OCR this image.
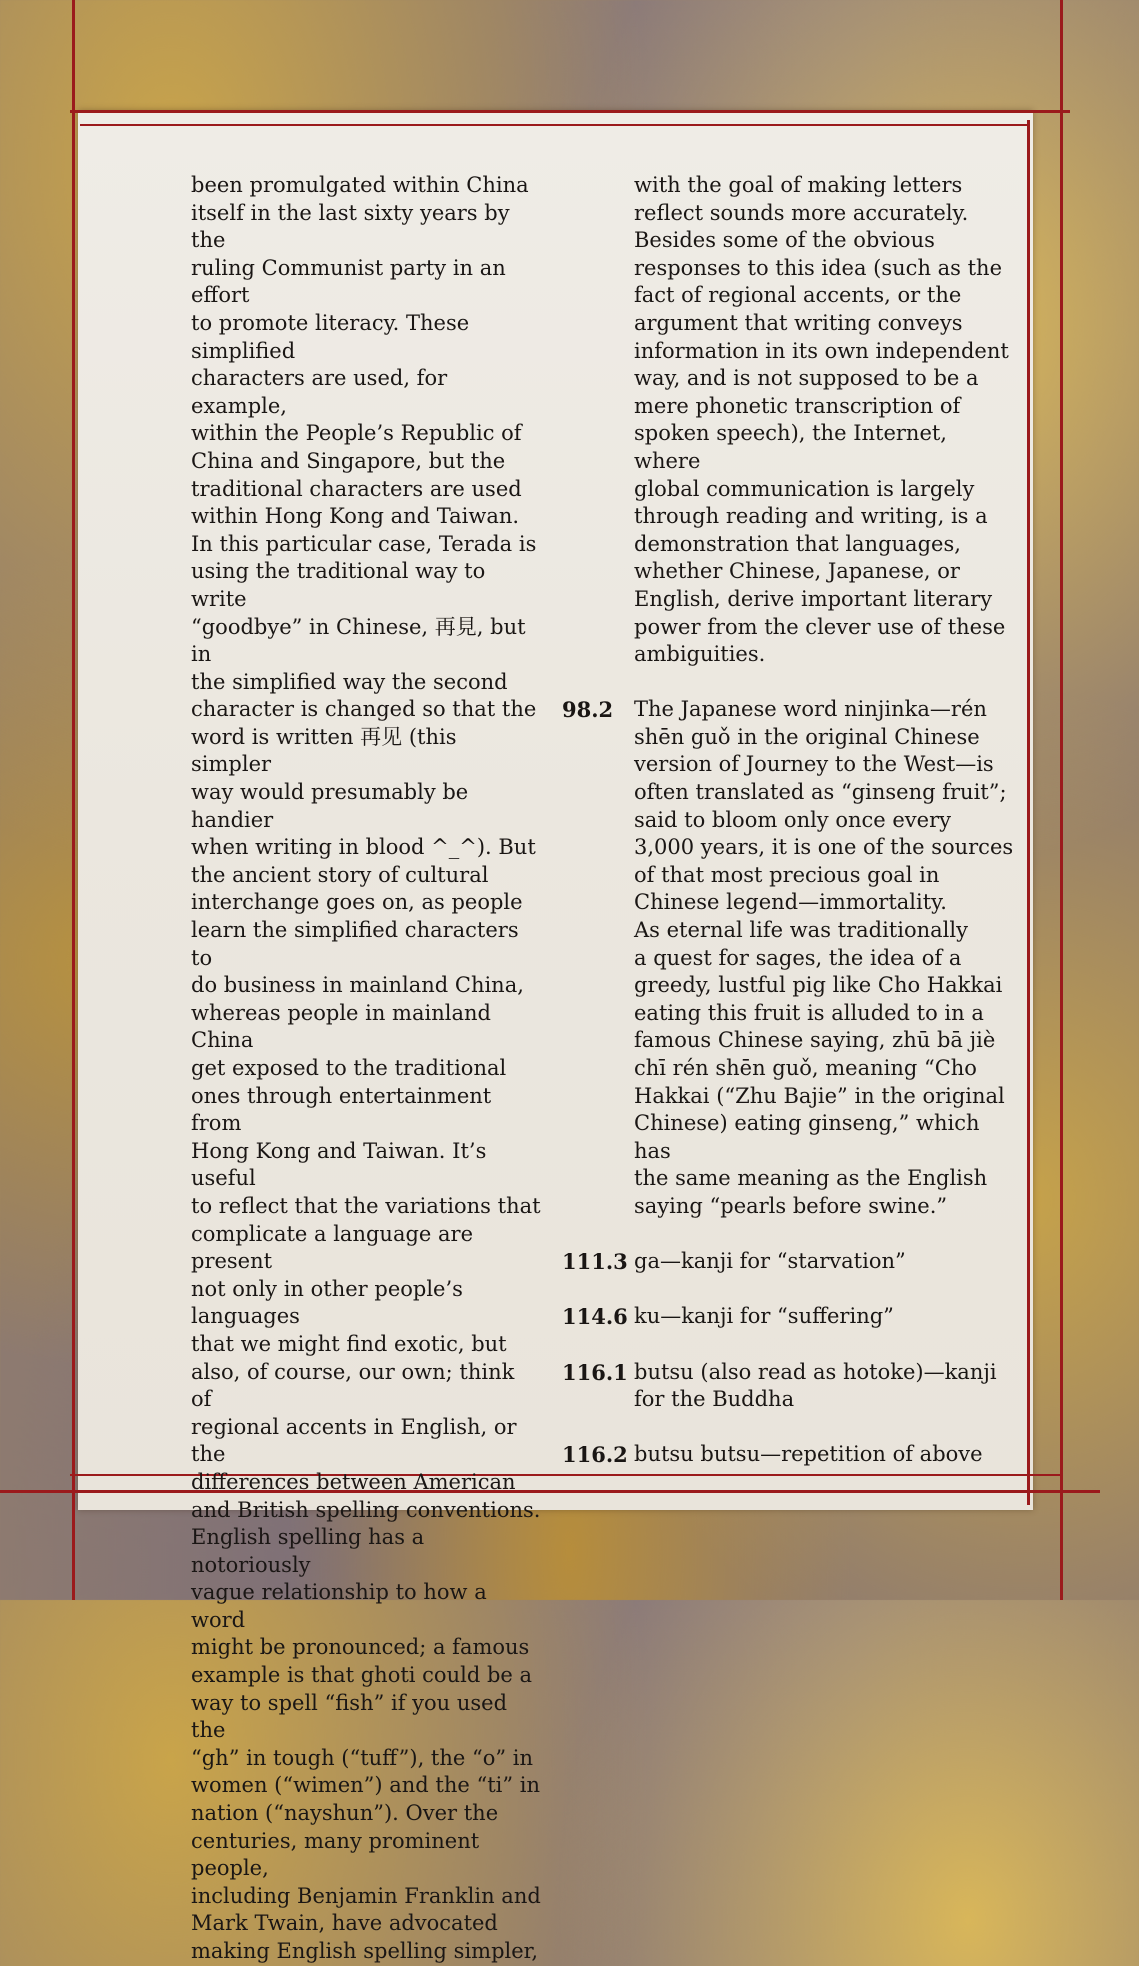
been promulgated within China
itself in the last sixty years by the
ruling Communist party in an effort
to promote literacy. These simplified
characters are used, for example,
within the People’s Republic of
China and Singapore, but the
traditional characters are used
within Hong Kong and Taiwan.
In this particular case, Terada is
using the traditional way to write
“goodbye” in Chinese, 再見, but in
the simplified way the second
character is changed so that the
word is written 再见 (this simpler
way would presumably be handier
when writing in blood ^_^). But
the ancient story of cultural
interchange goes on, as people
learn the simplified characters to
do business in mainland China,
whereas people in mainland China
get exposed to the traditional
ones through entertainment from
Hong Kong and Taiwan. It’s useful
to reflect that the variations that
complicate a language are present
not only in other people’s languages
that we might find exotic, but
also, of course, our own; think of
regional accents in English, or the
differences between American
and British spelling conventions.
English spelling has a notoriously
vague relationship to how a word
might be pronounced; a famous
example is that ghoti could be a
way to spell “fish” if you used the
“gh” in tough (“tuff”), the “o” in
women (“wimen”) and the “ti” in
nation (“nayshun”). Over the
centuries, many prominent people,
including Benjamin Franklin and
Mark Twain, have advocated
making English spelling simpler,

with the goal of making letters
reflect sounds more accurately.
Besides some of the obvious
responses to this idea (such as the
fact of regional accents, or the
argument that writing conveys
information in its own independent
way, and is not supposed to be a
mere phonetic transcription of
spoken speech), the Internet, where
global communication is largely
through reading and writing, is a
demonstration that languages,
whether Chinese, Japanese, or
English, derive important literary
power from the clever use of these
ambiguities.

98.2 The Japanese word ninjinka—rén
shēn guǒ in the original Chinese
version of Journey to the West—is
often translated as “ginseng fruit”;
said to bloom only once every
3,000 years, it is one of the sources
of that most precious goal in
Chinese legend—immortality.
As eternal life was traditionally
a quest for sages, the idea of a
greedy, lustful pig like Cho Hakkai
eating this fruit is alluded to in a
famous Chinese saying, zhū bā jiè
chī rén shēn guǒ, meaning “Cho
Hakkai (“Zhu Bajie” in the original
Chinese) eating ginseng,” which has
the same meaning as the English
saying “pearls before swine.”
111.3 ga—kanji for “starvation”
114.6 ku—kanji for “suffering”
116.1 butsu (also read as hotoke)—kanji
for the Buddha
116.2 butsu butsu—repetition of above
